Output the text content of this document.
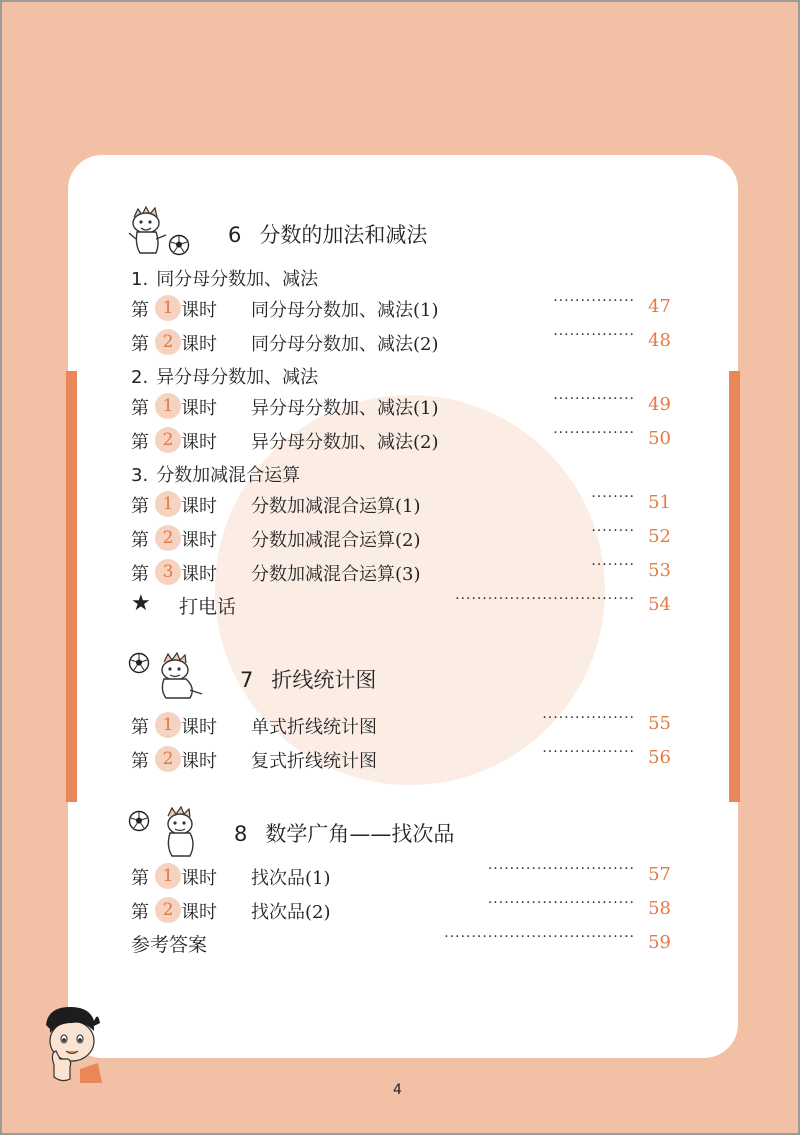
6 分数的加法和减法
1. 同分母分数加、减法
第 1 课时 同分母分数加、减法(1)	··············· 47
第 2 课时 同分母分数加、减法(2)	··············· 48
2. 异分母分数加、减法
第 1 课时 异分母分数加、减法(1)	··············· 49
第 2 课时 异分母分数加、减法(2)	··············· 50
3. 分数加减混合运算
第 1 课时 分数加减混合运算(1)	········ 51
第 2 课时 分数加减混合运算(2)	········ 52
第 3 课时 分数加减混合运算(3)	········ 53
★ 打电话	································· 54
7 折线统计图
第 1 课时 单式折线统计图	················· 55
第 2 课时 复式折线统计图	················· 56
8 数学广角——找次品
第 1 课时 找次品(1)	··························· 57
第 2 课时 找次品(2)	··························· 58
参考答案	··································· 59
4
